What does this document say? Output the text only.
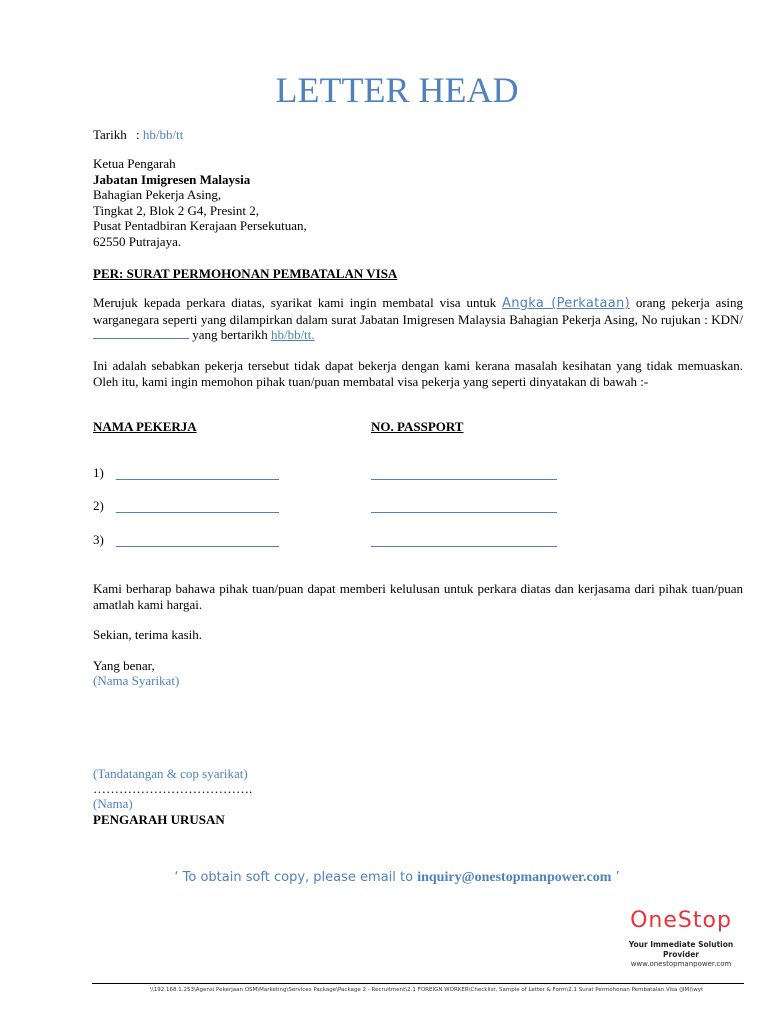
LETTER HEAD
Tarikh : hb/bb/tt
Ketua Pengarah
Jabatan Imigresen Malaysia
Bahagian Pekerja Asing,
Tingkat 2, Blok 2 G4, Presint 2,
Pusat Pentadbiran Kerajaan Persekutuan,
62550 Putrajaya.
PER: SURAT PERMOHONAN PEMBATALAN VISA
Merujuk kepada perkara diatas, syarikat kami ingin membatal visa untuk Angka (Perkataan) orang pekerja asing warganegara seperti yang dilampirkan dalam surat Jabatan Imigresen Malaysia Bahagian Pekerja Asing, No rujukan : KDN/ yang bertarikh hb/bb/tt.
Ini adalah sebabkan pekerja tersebut tidak dapat bekerja dengan kami kerana masalah kesihatan yang tidak memuaskan. Oleh itu, kami ingin memohon pihak tuan/puan membatal visa pekerja yang seperti dinyatakan di bawah :-
NAMA PEKERJA	NO. PASSPORT
1)
2)
3)
Kami berharap bahawa pihak tuan/puan dapat memberi kelulusan untuk perkara diatas dan kerjasama dari pihak tuan/puan amatlah kami hargai.
Sekian, terima kasih.
Yang benar,
(Nama Syarikat)
(Tandatangan & cop syarikat)
……………………………….
(Nama)
PENGARAH URUSAN
‘ To obtain soft copy, please email to inquiry@onestopmanpower.com ’
OneStop
Your Immediate Solution Provider
www.onestopmanpower.com
\\192.168.1.253\Agensi Pekerjaan OSM\Marketing\Services Package\Package 2 - Recruitment\2.1 FOREIGN WORKER\Checklist, Sample of Letter & Form\2.1 Surat Permohonan Pembatalan Visa (JIM)\wyt
